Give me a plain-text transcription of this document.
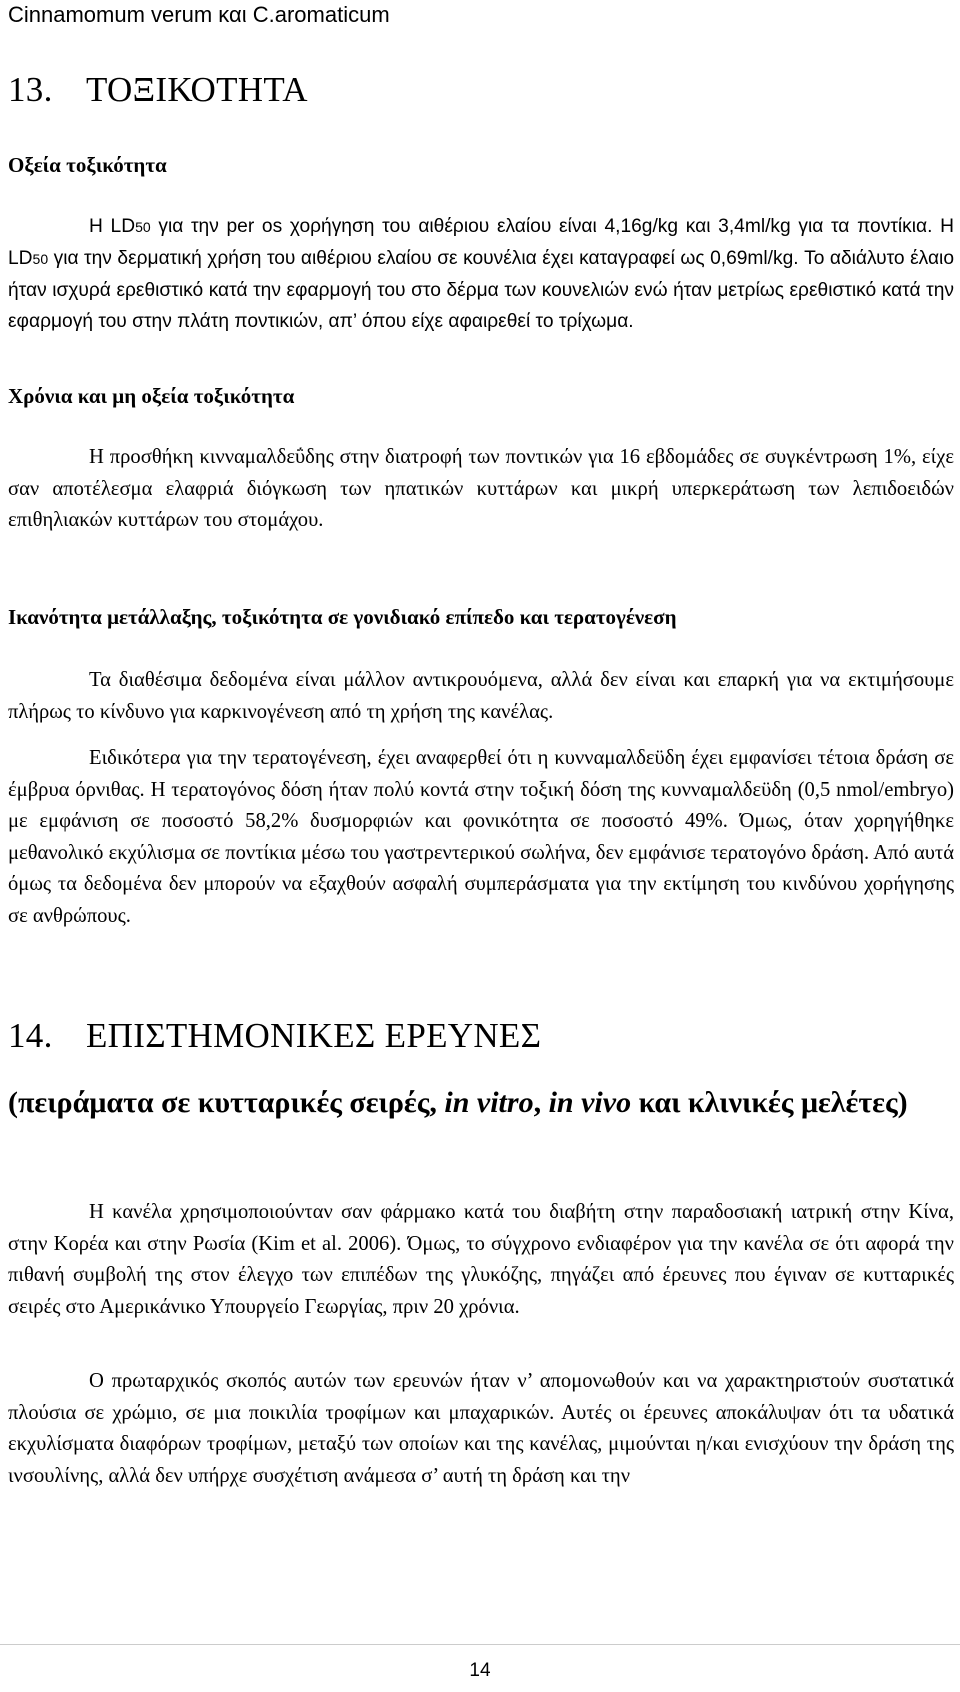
Cinnamomum verum και C.aromaticum
13. ΤΟΞΙΚΟΤΗΤΑ
Οξεία τοξικότητα
Η LD50 για την per os χορήγηση του αιθέριου ελαίου είναι 4,16g/kg και 3,4ml/kg για τα ποντίκια. Η LD50 για την δερματική χρήση του αιθέριου ελαίου σε κουνέλια έχει καταγραφεί ως 0,69ml/kg. Το αδιάλυτο έλαιο ήταν ισχυρά ερεθιστικό κατά την εφαρμογή του στο δέρμα των κουνελιών ενώ ήταν μετρίως ερεθιστικό κατά την εφαρμογή του στην πλάτη ποντικιών, απ’ όπου είχε αφαιρεθεί το τρίχωμα.
Χρόνια και μη οξεία τοξικότητα
Η προσθήκη κινναμαλδεΰδης στην διατροφή των ποντικών για 16 εβδομάδες σε συγκέντρωση 1%, είχε σαν αποτέλεσμα ελαφριά διόγκωση των ηπατικών κυττάρων και μικρή υπερκεράτωση των λεπιδοειδών επιθηλιακών κυττάρων του στομάχου.
Ικανότητα μετάλλαξης, τοξικότητα σε γονιδιακό επίπεδο και τερατογένεση
Τα διαθέσιμα δεδομένα είναι μάλλον αντικρουόμενα, αλλά δεν είναι και επαρκή για να εκτιμήσουμε πλήρως το κίνδυνο για καρκινογένεση από τη χρήση της κανέλας.
Ειδικότερα για την τερατογένεση, έχει αναφερθεί ότι η κυνναμαλδεϋδη έχει εμφανίσει τέτοια δράση σε έμβρυα όρνιθας. Η τερατογόνος δόση ήταν πολύ κοντά στην τοξική δόση της κυνναμαλδεϋδη (0,5 nmol/embryo) με εμφάνιση σε ποσοστό 58,2% δυσμορφιών και φονικότητα σε ποσοστό 49%. Όμως, όταν χορηγήθηκε μεθανολικό εκχύλισμα σε ποντίκια μέσω του γαστρεντερικού σωλήνα, δεν εμφάνισε τερατογόνο δράση. Από αυτά όμως τα δεδομένα δεν μπορούν να εξαχθούν ασφαλή συμπεράσματα για την εκτίμηση του κινδύνου χορήγησης σε ανθρώπους.
14. ΕΠΙΣΤΗΜΟΝΙΚΕΣ ΕΡΕΥΝΕΣ
(πειράματα σε κυτταρικές σειρές, in vitro, in vivo και κλινικές μελέτες)
Η κανέλα χρησιμοποιούνταν σαν φάρμακο κατά του διαβήτη στην παραδοσιακή ιατρική στην Κίνα, στην Κορέα και στην Ρωσία (Kim et al. 2006). Όμως, το σύγχρονο ενδιαφέρον για την κανέλα σε ότι αφορά την πιθανή συμβολή της στον έλεγχο των επιπέδων της γλυκόζης, πηγάζει από έρευνες που έγιναν σε κυτταρικές σειρές στο Αμερικάνικο Υπουργείο Γεωργίας, πριν 20 χρόνια.
Ο πρωταρχικός σκοπός αυτών των ερευνών ήταν ν’ απομονωθούν και να χαρακτηριστούν συστατικά πλούσια σε χρώμιο, σε μια ποικιλία τροφίμων και μπαχαρικών. Αυτές οι έρευνες αποκάλυψαν ότι τα υδατικά εκχυλίσματα διαφόρων τροφίμων, μεταξύ των οποίων και της κανέλας, μιμούνται η/και ενισχύουν την δράση της ινσουλίνης, αλλά δεν υπήρχε συσχέτιση ανάμεσα σ’ αυτή τη δράση και την
14
